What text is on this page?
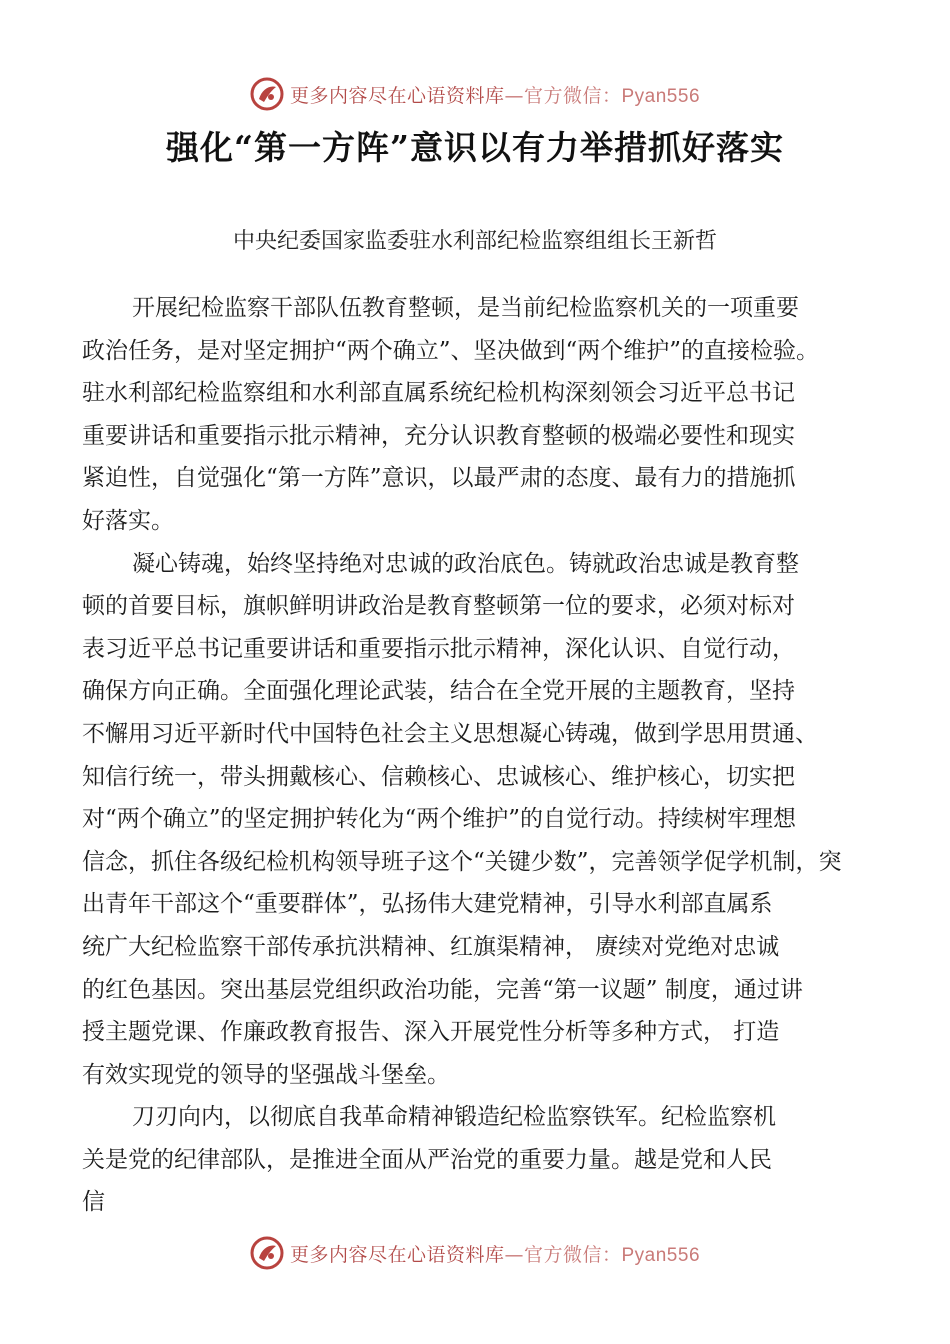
更多内容尽在心语资料库—官方微信：Pyan556
强化“第一方阵”意识以有力举措抓好落实
中央纪委国家监委驻水利部纪检监察组组长王新哲
开展纪检监察干部队伍教育整顿，是当前纪检监察机关的一项重要
政治任务，是对坚定拥护“两个确立”、坚决做到“两个维护”的直接检验。
驻水利部纪检监察组和水利部直属系统纪检机构深刻领会习近平总书记
重要讲话和重要指示批示精神，充分认识教育整顿的极端必要性和现实
紧迫性，自觉强化“第一方阵”意识，以最严肃的态度、最有力的措施抓
好落实。
凝心铸魂，始终坚持绝对忠诚的政治底色。铸就政治忠诚是教育整
顿的首要目标，旗帜鲜明讲政治是教育整顿第一位的要求，必须对标对
表习近平总书记重要讲话和重要指示批示精神，深化认识、自觉行动，
确保方向正确。全面强化理论武装，结合在全党开展的主题教育，坚持
不懈用习近平新时代中国特色社会主义思想凝心铸魂，做到学思用贯通、
知信行统一，带头拥戴核心、信赖核心、忠诚核心、维护核心，切实把
对“两个确立”的坚定拥护转化为“两个维护”的自觉行动。持续树牢理想
信念，抓住各级纪检机构领导班子这个“关键少数”，完善领学促学机制，突
出青年干部这个“重要群体”，弘扬伟大建党精神，引导水利部直属系
统广大纪检监察干部传承抗洪精神、红旗渠精神， 赓续对党绝对忠诚
的红色基因。突出基层党组织政治功能，完善“第一议题” 制度，通过讲
授主题党课、作廉政教育报告、深入开展党性分析等多种方式， 打造
有效实现党的领导的坚强战斗堡垒。
刀刃向内，以彻底自我革命精神锻造纪检监察铁军。纪检监察机
关是党的纪律部队，是推进全面从严治党的重要力量。越是党和人民
信
更多内容尽在心语资料库—官方微信：Pyan556
